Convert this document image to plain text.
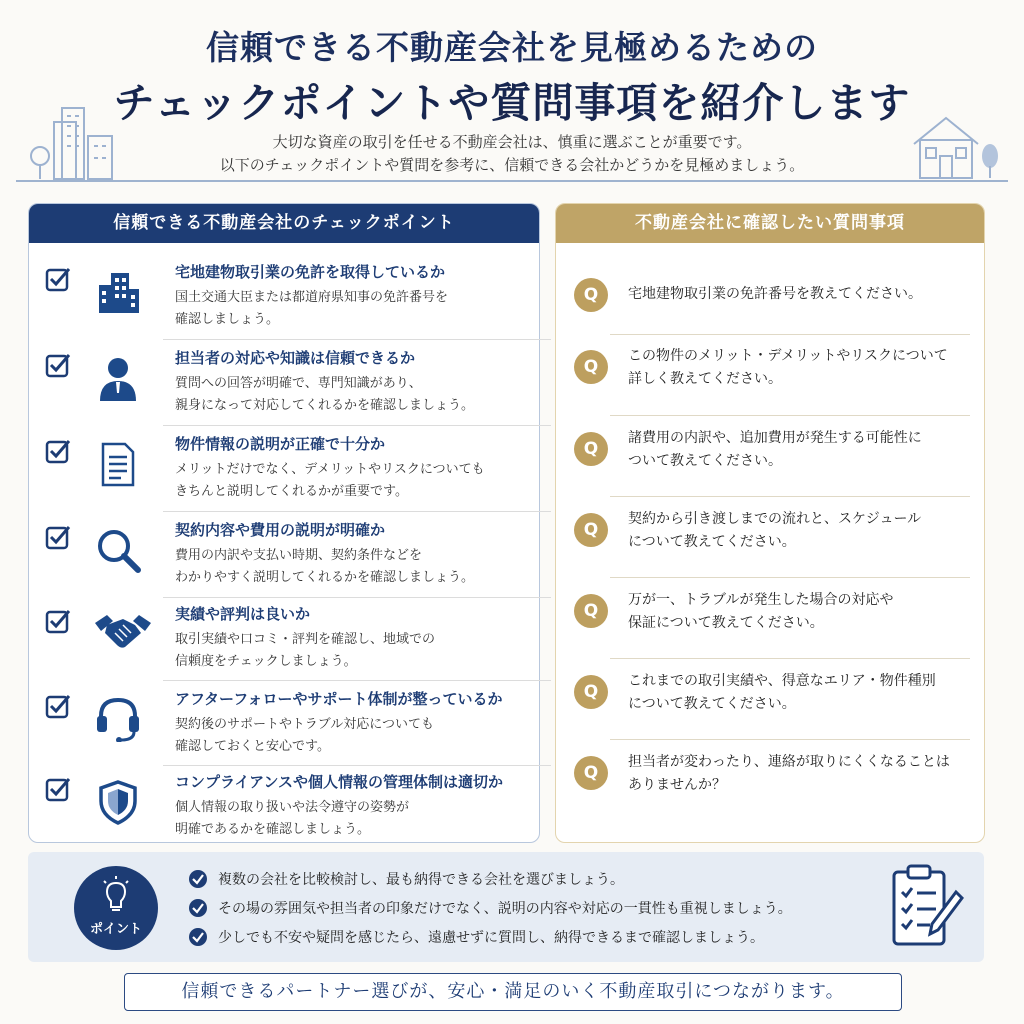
信頼できる不動産会社を見極めるための
チェックポイントや質問事項を紹介します
大切な資産の取引を任せる不動産会社は、慎重に選ぶことが重要です。
以下のチェックポイントや質問を参考に、信頼できる会社かどうかを見極めましょう。
信頼できる不動産会社のチェックポイント
宅地建物取引業の免許を取得しているか
国土交通大臣または都道府県知事の免許番号を
確認しましょう。
担当者の対応や知識は信頼できるか
質問への回答が明確で、専門知識があり、
親身になって対応してくれるかを確認しましょう。
物件情報の説明が正確で十分か
メリットだけでなく、デメリットやリスクについても
きちんと説明してくれるかが重要です。
契約内容や費用の説明が明確か
費用の内訳や支払い時期、契約条件などを
わかりやすく説明してくれるかを確認しましょう。
実績や評判は良いか
取引実績や口コミ・評判を確認し、地域での
信頼度をチェックしましょう。
アフターフォローやサポート体制が整っているか
契約後のサポートやトラブル対応についても
確認しておくと安心です。
コンプライアンスや個人情報の管理体制は適切か
個人情報の取り扱いや法令遵守の姿勢が
明確であるかを確認しましょう。
不動産会社に確認したい質問事項
Q	宅地建物取引業の免許番号を教えてください。
Q
この物件のメリット・デメリットやリスクについて
詳しく教えてください。
Q
諸費用の内訳や、追加費用が発生する可能性に
ついて教えてください。
Q
契約から引き渡しまでの流れと、スケジュール
について教えてください。
Q
万が一、トラブルが発生した場合の対応や
保証について教えてください。
Q
これまでの取引実績や、得意なエリア・物件種別
について教えてください。
Q
担当者が変わったり、連絡が取りにくくなることは
ありませんか？
ポイント
複数の会社を比較検討し、最も納得できる会社を選びましょう。
その場の雰囲気や担当者の印象だけでなく、説明の内容や対応の一貫性も重視しましょう。
少しでも不安や疑問を感じたら、遠慮せずに質問し、納得できるまで確認しましょう。
信頼できるパートナー選びが、安心・満足のいく不動産取引につながります。
